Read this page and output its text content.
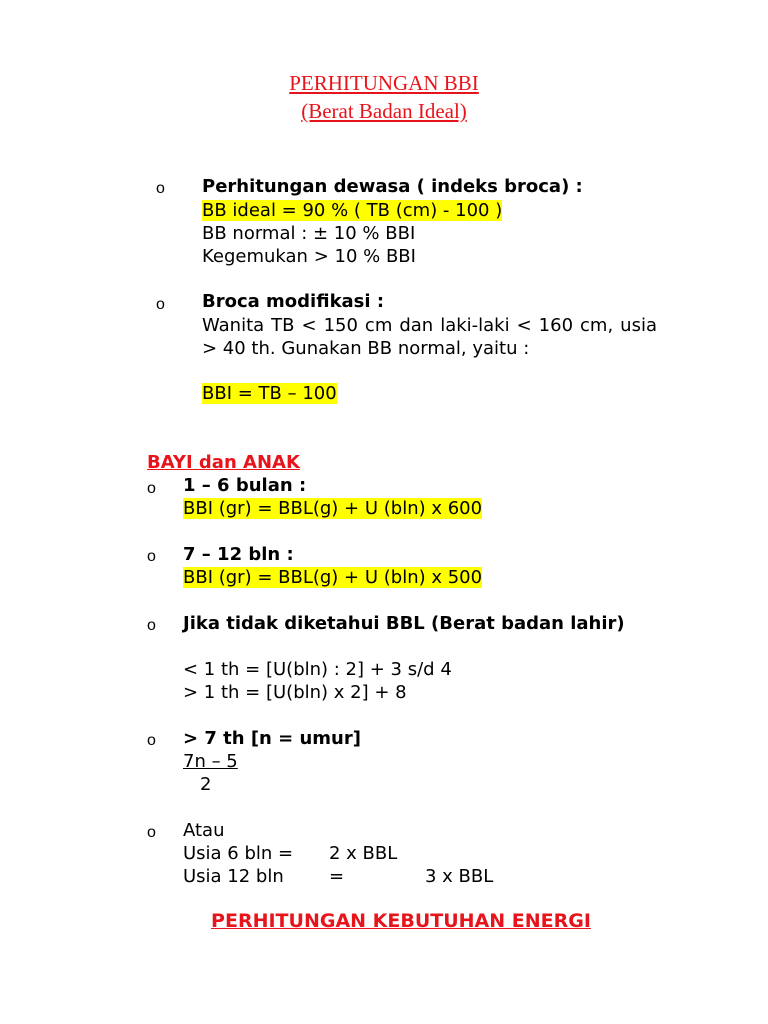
PERHITUNGAN BBI
(Berat Badan Ideal)
o Perhitungan dewasa ( indeks broca) :
BB ideal = 90 % ( TB (cm) - 100 )
BB normal : ± 10 % BBI
Kegemukan > 10 % BBI
o Broca modifikasi :
Wanita TB < 150 cm dan laki-laki < 160 cm, usia > 40 th. Gunakan BB normal, yaitu :
BBI = TB – 100
BAYI dan ANAK
o 1 – 6 bulan :
BBI (gr) = BBL(g) + U (bln) x 600
o 7 – 12 bln :
BBI (gr) = BBL(g) + U (bln) x 500
o Jika tidak diketahui BBL (Berat badan lahir)
< 1 th = [U(bln) : 2] + 3 s/d 4
> 1 th = [U(bln) x 2] + 8
o > 7 th [n = umur]
7n – 5
2
o Atau
Usia 6 bln = 2 x BBL
Usia 12 bln	=	3 x BBL
PERHITUNGAN KEBUTUHAN ENERGI
